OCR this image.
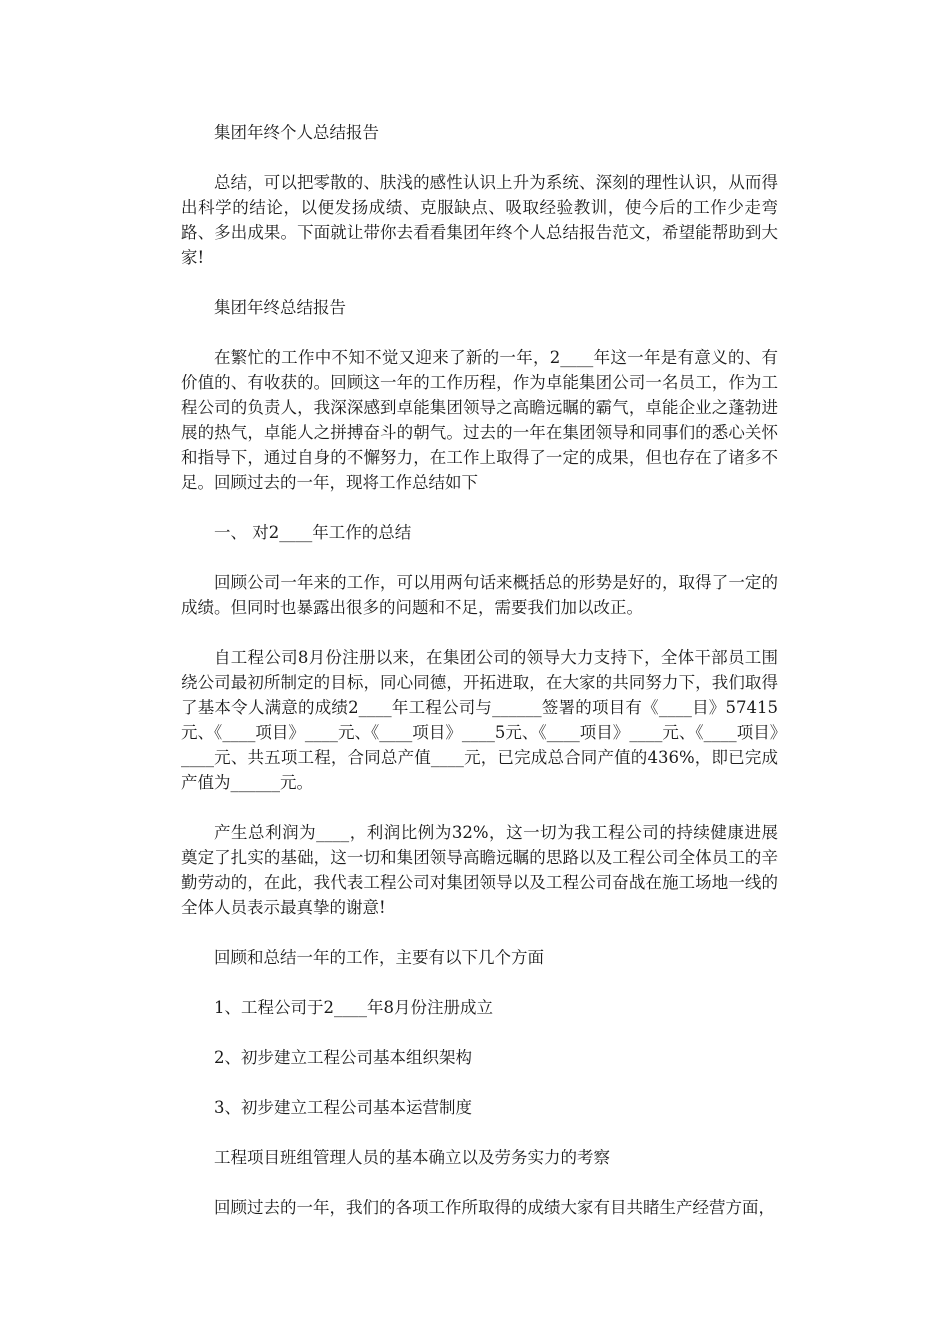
集团年终个人总结报告

总结，可以把零散的、肤浅的感性认识上升为系统、深刻的理性认识，从而得出科学的结论，以便发扬成绩、克服缺点、吸取经验教训，使今后的工作少走弯路、多出成果。下面就让带你去看看集团年终个人总结报告范文，希望能帮助到大家!

集团年终总结报告

在繁忙的工作中不知不觉又迎来了新的一年，2____年这一年是有意义的、有价值的、有收获的。回顾这一年的工作历程，作为卓能集团公司一名员工，作为工程公司的负责人，我深深感到卓能集团领导之高瞻远瞩的霸气，卓能企业之蓬勃进展的热气，卓能人之拼搏奋斗的朝气。过去的一年在集团领导和同事们的悉心关怀和指导下，通过自身的不懈努力，在工作上取得了一定的成果，但也存在了诸多不足。回顾过去的一年，现将工作总结如下

一、 对2____年工作的总结

回顾公司一年来的工作，可以用两句话来概括总的形势是好的，取得了一定的成绩。但同时也暴露出很多的问题和不足，需要我们加以改正。

自工程公司8月份注册以来，在集团公司的领导大力支持下，全体干部员工围绕公司最初所制定的目标，同心同德，开拓进取，在大家的共同努力下，我们取得了基本令人满意的成绩2____年工程公司与______签署的项目有《____目》57415元、《____项目》____元、《____项目》____5元、《____项目》____元、《____项目》____元、共五项工程，合同总产值____元，已完成总合同产值的436%，即已完成产值为______元。

产生总利润为____，利润比例为32%，这一切为我工程公司的持续健康进展奠定了扎实的基础，这一切和集团领导高瞻远瞩的思路以及工程公司全体员工的辛勤劳动的，在此，我代表工程公司对集团领导以及工程公司奋战在施工场地一线的全体人员表示最真挚的谢意!

回顾和总结一年的工作，主要有以下几个方面

1、工程公司于2____年8月份注册成立

2、初步建立工程公司基本组织架构

3、初步建立工程公司基本运营制度

工程项目班组管理人员的基本确立以及劳务实力的考察

回顾过去的一年，我们的各项工作所取得的成绩大家有目共睹生产经营方面，
